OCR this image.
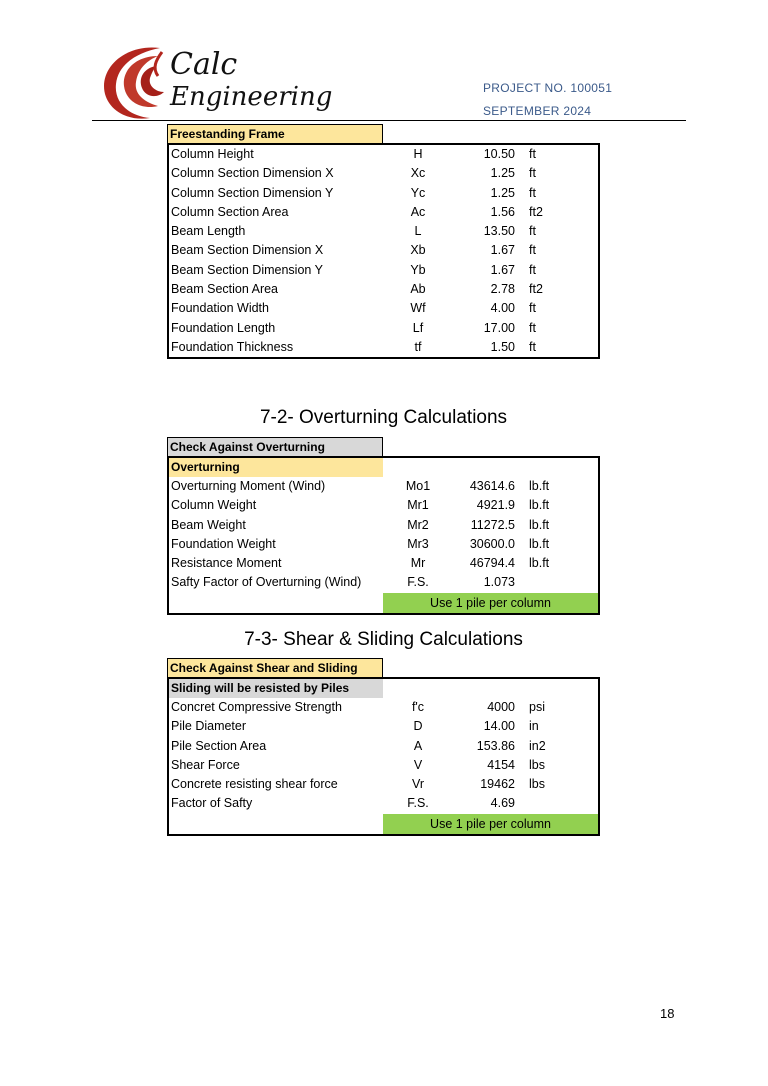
Calc
Engineering	PROJECT NO. 100051
SEPTEMBER 2024
Freestanding Frame
Column Height	H	10.50	ft
Column Section Dimension X	Xc	1.25	ft
Column Section Dimension Y	Yc	1.25	ft
Column Section Area	Ac	1.56	ft2
Beam Length	L	13.50	ft
Beam Section Dimension X	Xb	1.67	ft
Beam Section Dimension Y	Yb	1.67	ft
Beam Section Area	Ab	2.78	ft2
Foundation Width	Wf	4.00	ft
Foundation Length	Lf	17.00	ft
Foundation Thickness	tf	1.50	ft
7-2- Overturning Calculations
Check Against Overturning
Overturning
Overturning Moment (Wind)	Mo1	43614.6	lb.ft
Column Weight	Mr1	4921.9	lb.ft
Beam Weight	Mr2	11272.5	lb.ft
Foundation Weight	Mr3	30600.0	lb.ft
Resistance Moment	Mr	46794.4	lb.ft
Safty Factor of Overturning (Wind)	F.S.	1.073
Use 1 pile per column
7-3- Shear & Sliding Calculations
Check Against Shear and Sliding
Sliding will be resisted by Piles
Concret Compressive Strength	f'c	4000	psi
Pile Diameter	D	14.00	in
Pile Section Area	A	153.86	in2
Shear Force	V	4154	lbs
Concrete resisting shear force	Vr	19462	lbs
Factor of Safty	F.S.	4.69
Use 1 pile per column
18
